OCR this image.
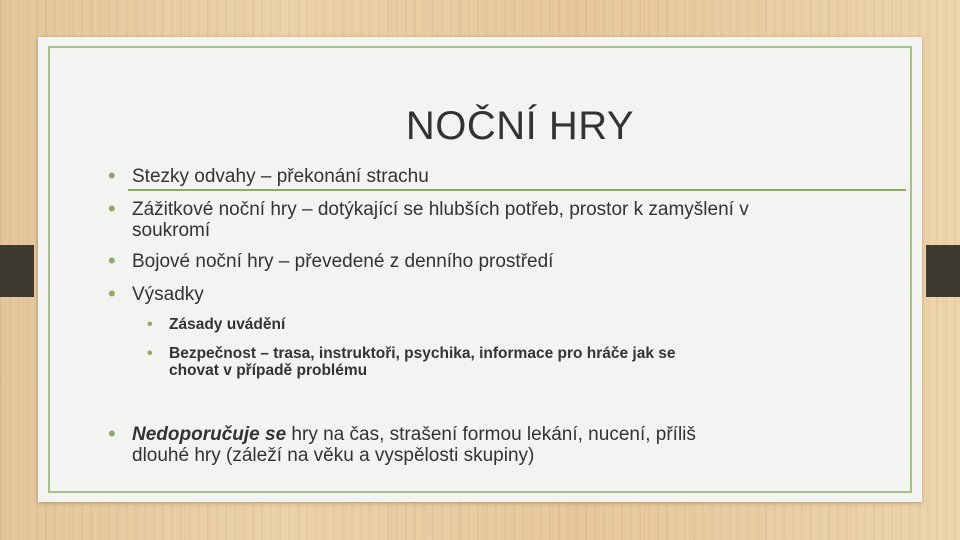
NOČNÍ HRY
• Stezky odvahy – překonání strachu
• Zážitkové noční hry – dotýkající se hlubších potřeb, prostor k zamyšlení v
soukromí
• Bojové noční hry – převedené z denního prostředí
• Výsadky
• Zásady uvádění
• Bezpečnost – trasa, instruktoři, psychika, informace pro hráče jak se
chovat v případě problému
• Nedoporučuje se hry na čas, strašení formou lekání, nucení, příliš
dlouhé hry (záleží na věku a vyspělosti skupiny)
